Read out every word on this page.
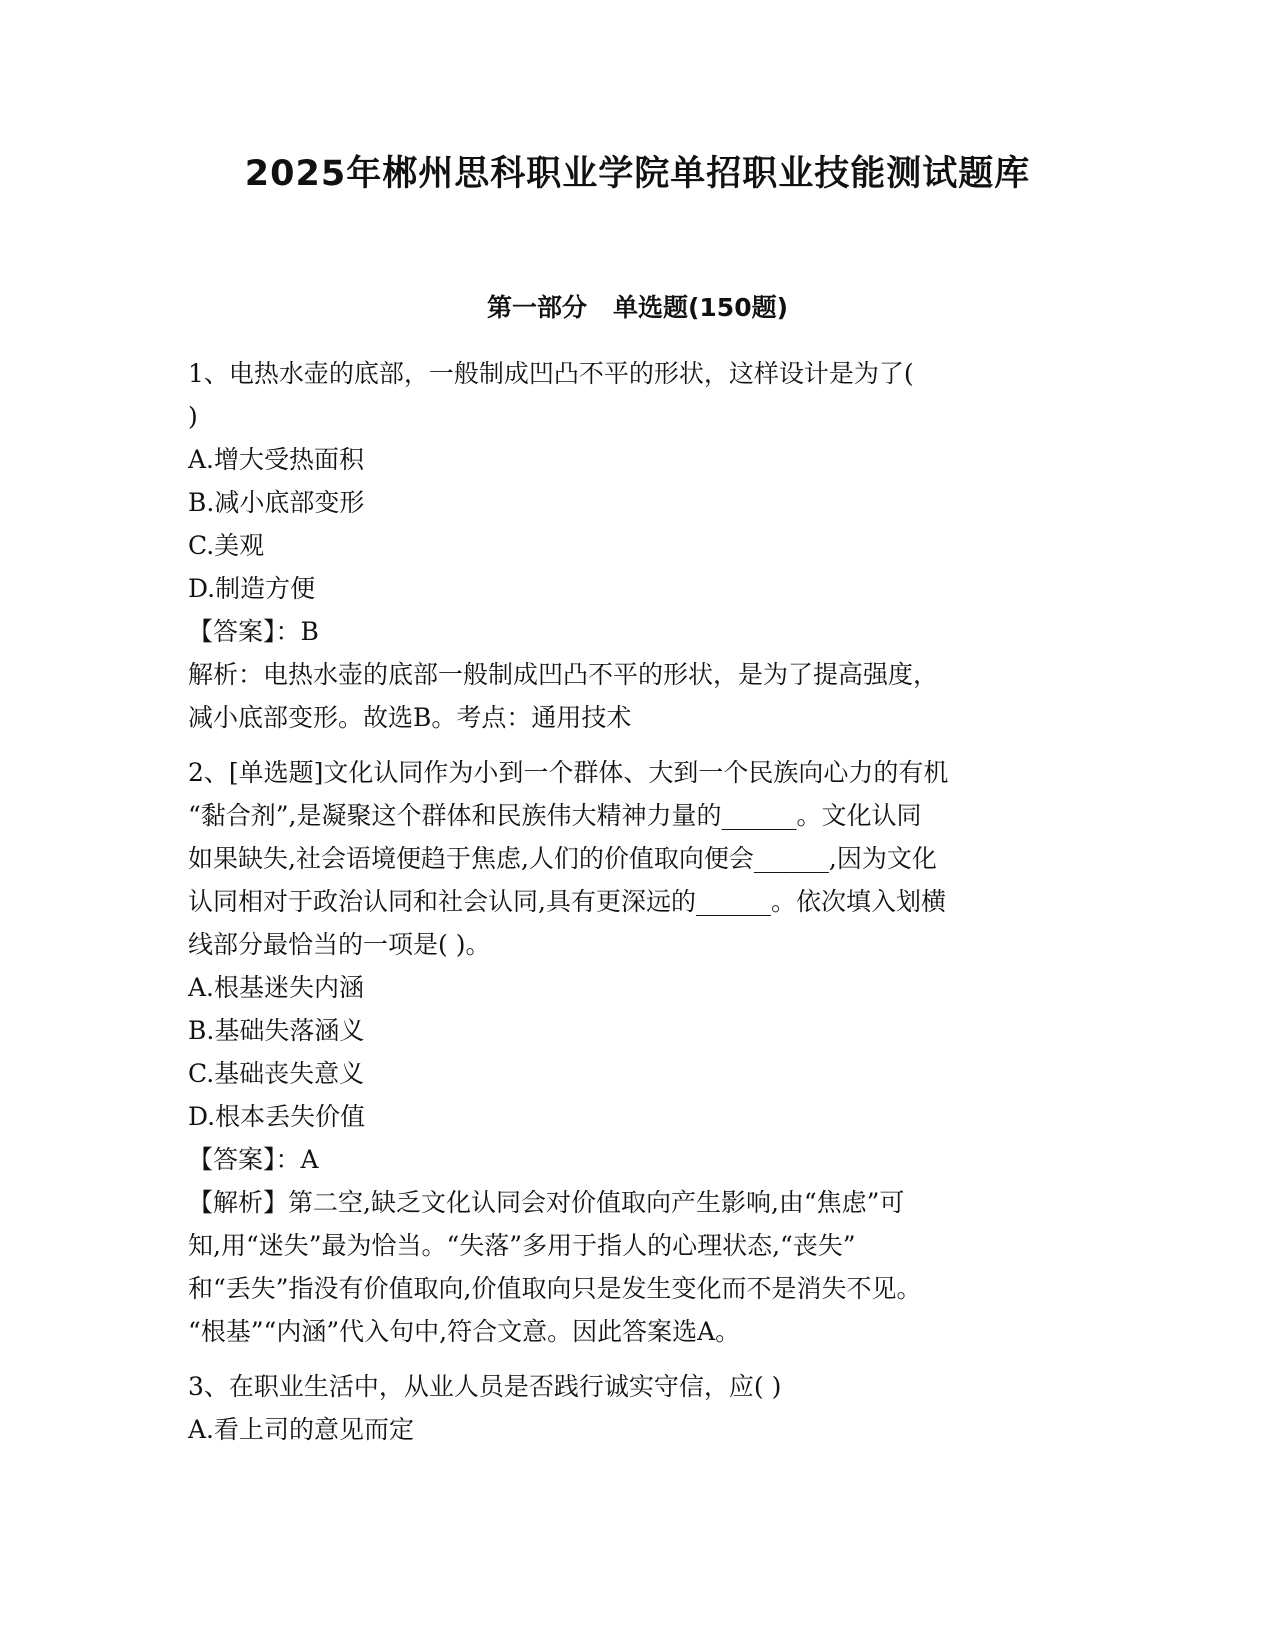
2025年郴州思科职业学院单招职业技能测试题库
第一部分 单选题(150题)
1、电热水壶的底部，一般制成凹凸不平的形状，这样设计是为了(
)
A.增大受热面积
B.减小底部变形
C.美观
D.制造方便
【答案】：B
解析：电热水壶的底部一般制成凹凸不平的形状，是为了提高强度，
减小底部变形。故选B。考点：通用技术
2、[单选题]文化认同作为小到一个群体、大到一个民族向心力的有机
“黏合剂”,是凝聚这个群体和民族伟大精神力量的______。文化认同
如果缺失,社会语境便趋于焦虑,人们的价值取向便会______,因为文化
认同相对于政治认同和社会认同,具有更深远的______。依次填入划横
线部分最恰当的一项是( )。
A.根基迷失内涵
B.基础失落涵义
C.基础丧失意义
D.根本丢失价值
【答案】：A
【解析】第二空,缺乏文化认同会对价值取向产生影响,由“焦虑”可
知,用“迷失”最为恰当。“失落”多用于指人的心理状态,“丧失”
和“丢失”指没有价值取向,价值取向只是发生变化而不是消失不见。
“根基”“内涵”代入句中,符合文意。因此答案选A。
3、在职业生活中，从业人员是否践行诚实守信，应( )
A.看上司的意见而定
